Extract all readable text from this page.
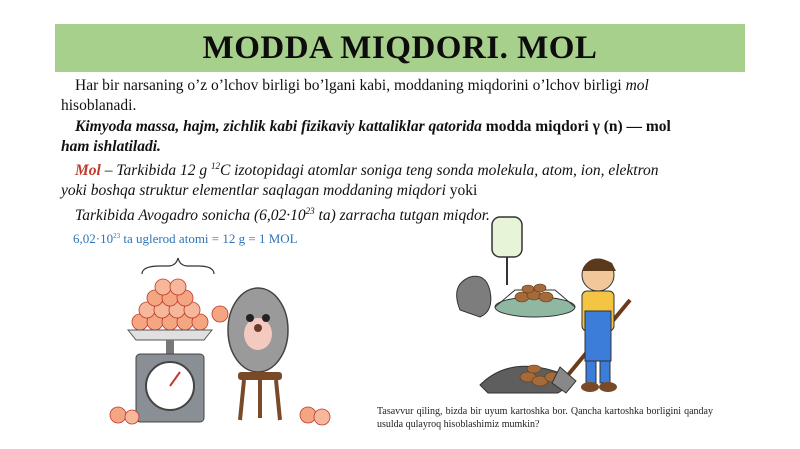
MODDA MIQDORI. MOL
Har bir narsaning o’z o’lchov birligi bo’lgani kabi, moddaning miqdorini o’lchov birligi mol
hisoblanadi.
Kimyoda massa, hajm, zichlik kabi fizikaviy kattaliklar qatorida modda miqdori γ (n) — mol
ham ishlatiladi.
Mol – Tarkibida 12 g $^{12}$C izotopidagi atomlar soniga teng sonda molekula, atom, ion, elektron
yoki boshqa struktur elementlar saqlagan moddaning miqdori yoki
Tarkibida Avogadro sonicha ($6,02\cdot 10^{23}$ ta) zarracha tutgan miqdor.
$6,02\cdot 10^{23}$ ta uglerod atomi = 12 g = 1 MOL
Tasavvur qiling, bizda bir uyum kartoshka bor. Qancha kartoshka borligini qanday usulda qulayroq hisoblashimiz mumkin?
